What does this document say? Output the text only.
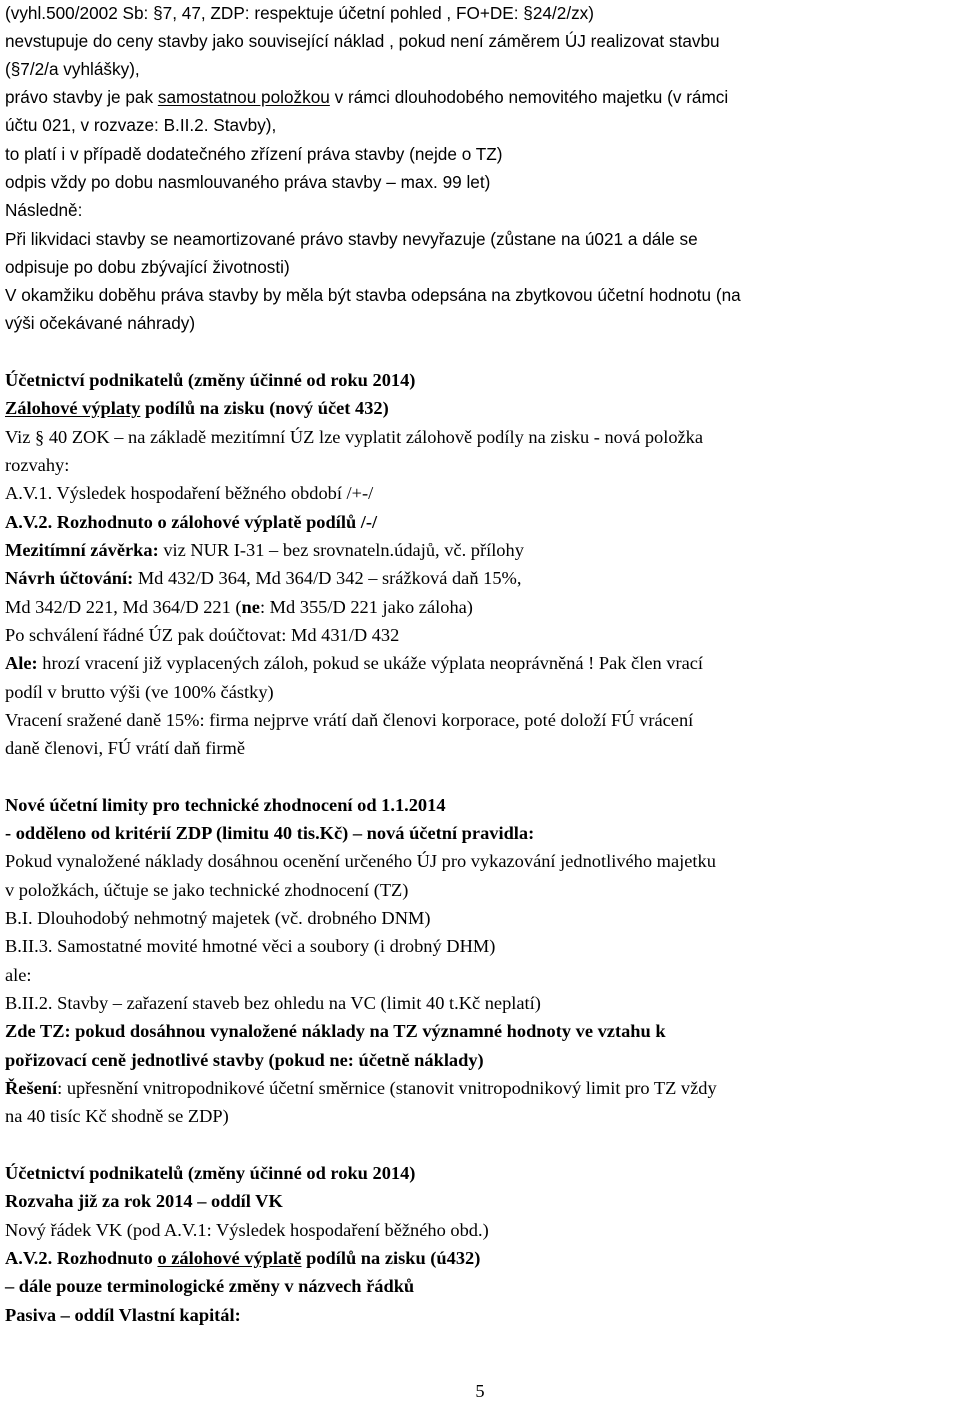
(vyhl.500/2002 Sb: §7, 47, ZDP: respektuje účetní pohled , FO+DE: §24/2/zx)
nevstupuje do ceny stavby jako související náklad , pokud není záměrem ÚJ realizovat stavbu
(§7/2/a vyhlášky),
právo stavby je pak samostatnou položkou v rámci dlouhodobého nemovitého majetku (v rámci
účtu 021, v rozvaze: B.II.2. Stavby),
to platí i v případě dodatečného zřízení práva stavby (nejde o TZ)
odpis vždy po dobu nasmlouvaného práva stavby – max. 99 let)
Následně:
Při likvidaci stavby se neamortizované právo stavby nevyřazuje (zůstane na ú021 a dále se
odpisuje po dobu zbývající životnosti)
V okamžiku doběhu práva stavby by měla být stavba odepsána na zbytkovou účetní hodnotu (na
výši očekávané náhrady)
Účetnictví podnikatelů (změny účinné od roku 2014)
Zálohové výplaty podílů na zisku (nový účet 432)
Viz § 40 ZOK – na základě mezitímní ÚZ lze vyplatit zálohově podíly na zisku - nová položka
rozvahy:
A.V.1. Výsledek hospodaření běžného období /+-/
A.V.2. Rozhodnuto o zálohové výplatě podílů /-/
Mezitímní závěrka: viz NUR I-31 – bez srovnateln.údajů, vč. přílohy
Návrh účtování: Md 432/D 364, Md 364/D 342 – srážková daň 15%,
Md 342/D 221, Md 364/D 221 (ne: Md 355/D 221 jako záloha)
Po schválení řádné ÚZ pak doúčtovat: Md 431/D 432
Ale: hrozí vracení již vyplacených záloh, pokud se ukáže výplata neoprávněná ! Pak člen vrací
podíl v brutto výši (ve 100% částky)
Vracení sražené daně 15%: firma nejprve vrátí daň členovi korporace, poté doloží FÚ vrácení
daně členovi, FÚ vrátí daň firmě
Nové účetní limity pro technické zhodnocení od 1.1.2014
- odděleno od kritérií ZDP (limitu 40 tis.Kč) – nová účetní pravidla:
Pokud vynaložené náklady dosáhnou ocenění určeného ÚJ pro vykazování jednotlivého majetku
v položkách, účtuje se jako technické zhodnocení (TZ)
B.I. Dlouhodobý nehmotný majetek (vč. drobného DNM)
B.II.3. Samostatné movité hmotné věci a soubory (i drobný DHM)
ale:
B.II.2. Stavby – zařazení staveb bez ohledu na VC (limit 40 t.Kč neplatí)
Zde TZ: pokud dosáhnou vynaložené náklady na TZ významné hodnoty ve vztahu k
pořizovací ceně jednotlivé stavby (pokud ne: účetně náklady)
Řešení: upřesnění vnitropodnikové účetní směrnice (stanovit vnitropodnikový limit pro TZ vždy
na 40 tisíc Kč shodně se ZDP)
Účetnictví podnikatelů (změny účinné od roku 2014)
Rozvaha již za rok 2014 – oddíl VK
Nový řádek VK (pod A.V.1: Výsledek hospodaření běžného obd.)
A.V.2. Rozhodnuto o zálohové výplatě podílů na zisku (ú432)
– dále pouze terminologické změny v názvech řádků
Pasiva – oddíl Vlastní kapitál:
5
